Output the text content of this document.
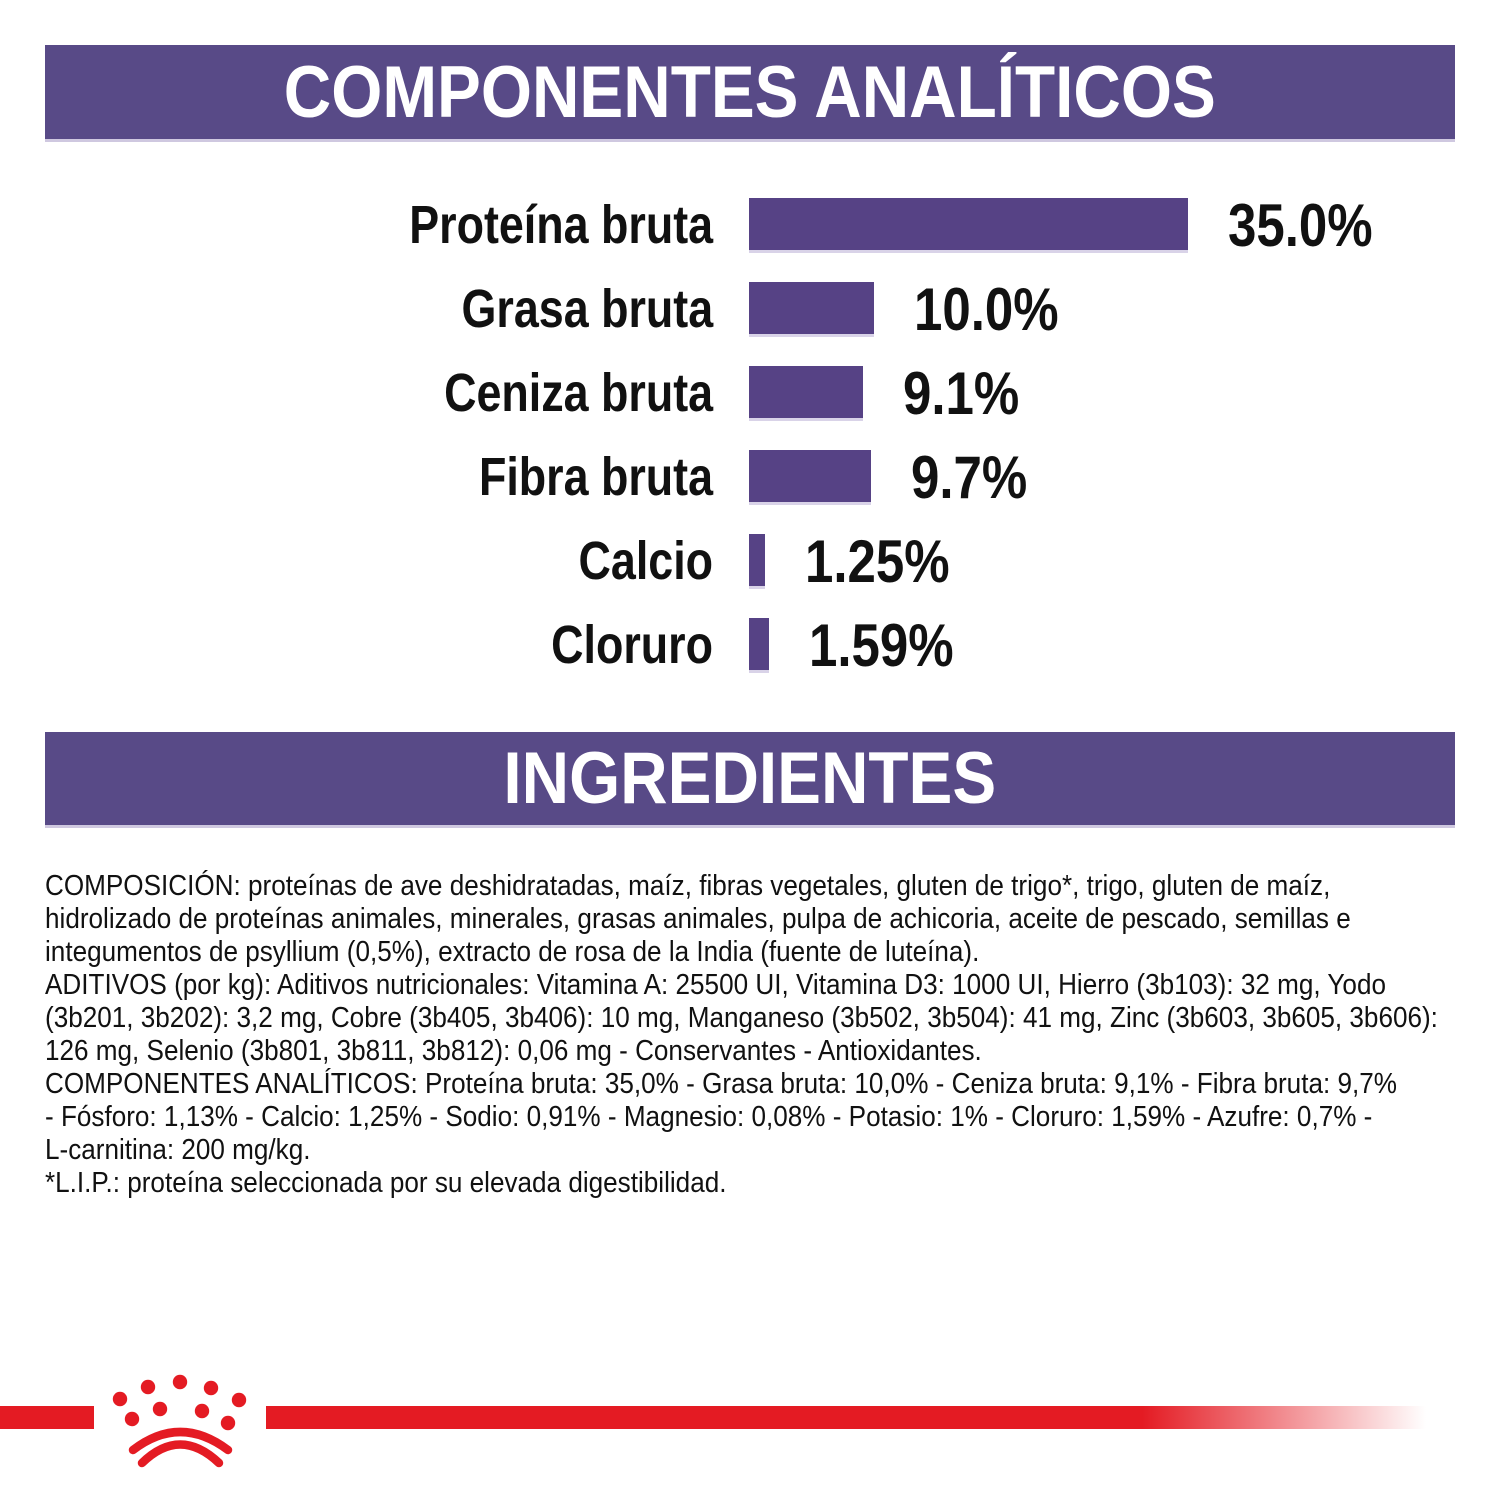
COMPONENTES ANALÍTICOS
Proteína bruta	35.0%
Grasa bruta	10.0%
Ceniza bruta	9.1%
Fibra bruta	9.7%
Calcio 1.25%
Cloruro 1.59%
INGREDIENTES
COMPOSICIÓN: proteínas de ave deshidratadas, maíz, fibras vegetales, gluten de trigo*, trigo, gluten de maíz,
hidrolizado de proteínas animales, minerales, grasas animales, pulpa de achicoria, aceite de pescado, semillas e
integumentos de psyllium (0,5%), extracto de rosa de la India (fuente de luteína).
ADITIVOS (por kg): Aditivos nutricionales: Vitamina A: 25500 UI, Vitamina D3: 1000 UI, Hierro (3b103): 32 mg, Yodo
(3b201, 3b202): 3,2 mg, Cobre (3b405, 3b406): 10 mg, Manganeso (3b502, 3b504): 41 mg, Zinc (3b603, 3b605, 3b606):
126 mg, Selenio (3b801, 3b811, 3b812): 0,06 mg - Conservantes - Antioxidantes.
COMPONENTES ANALÍTICOS: Proteína bruta: 35,0% - Grasa bruta: 10,0% - Ceniza bruta: 9,1% - Fibra bruta: 9,7%
- Fósforo: 1,13% - Calcio: 1,25% - Sodio: 0,91% - Magnesio: 0,08% - Potasio: 1% - Cloruro: 1,59% - Azufre: 0,7% -
L-carnitina: 200 mg/kg.
*L.I.P.: proteína seleccionada por su elevada digestibilidad.
